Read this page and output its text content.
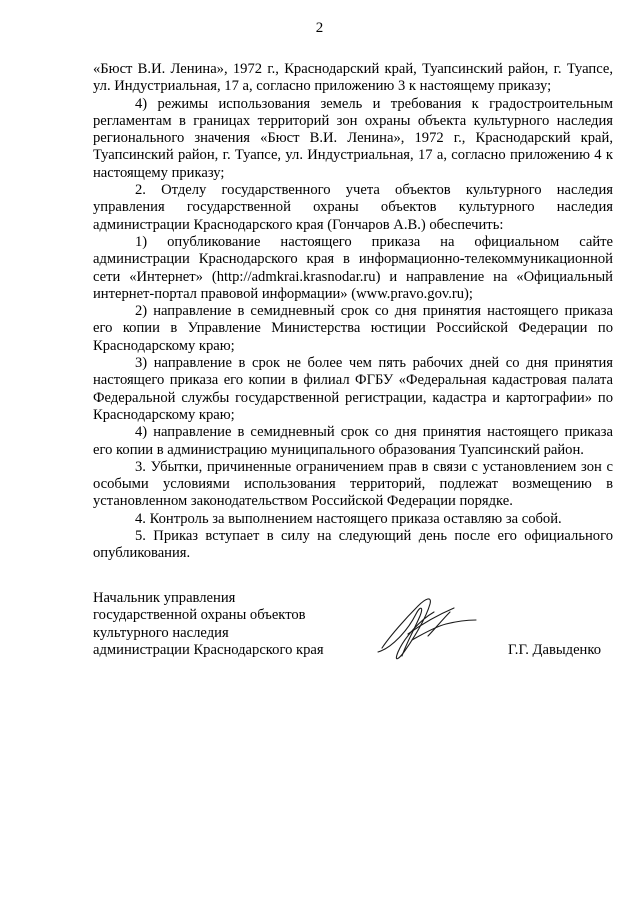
2

«Бюст В.И. Ленина», 1972 г., Краснодарский край, Туапсинский район, г. Туапсе, ул. Индустриальная, 17 а, согласно приложению 3 к настоящему приказу;

4) режимы использования земель и требования к градостроительным регламентам в границах территорий зон охраны объекта культурного наследия регионального значения «Бюст В.И. Ленина», 1972 г., Краснодарский край, Туапсинский район, г. Туапсе, ул. Индустриальная, 17 а, согласно приложению 4 к настоящему приказу;

2. Отделу государственного учета объектов культурного наследия управления государственной охраны объектов культурного наследия администрации Краснодарского края (Гончаров А.В.) обеспечить:

1) опубликование настоящего приказа на официальном сайте администрации Краснодарского края в информационно-телекоммуникационной сети «Интернет» (http://admkrai.krasnodar.ru) и направление на «Официальный интернет-портал правовой информации» (www.pravo.gov.ru);

2) направление в семидневный срок со дня принятия настоящего приказа его копии в Управление Министерства юстиции Российской Федерации по Краснодарскому краю;

3) направление в срок не более чем пять рабочих дней со дня принятия настоящего приказа его копии в филиал ФГБУ «Федеральная кадастровая палата Федеральной службы государственной регистрации, кадастра и картографии» по Краснодарскому краю;

4) направление в семидневный срок со дня принятия настоящего приказа его копии в администрацию муниципального образования Туапсинский район.

3. Убытки, причиненные ограничением прав в связи с установлением зон с особыми условиями использования территорий, подлежат возмещению в установленном законодательством Российской Федерации порядке.

4. Контроль за выполнением настоящего приказа оставляю за собой.

5. Приказ вступает в силу на следующий день после его официального опубликования.

Начальник управления
государственной охраны объектов
культурного наследия
администрации Краснодарского края	Г.Г. Давыденко
